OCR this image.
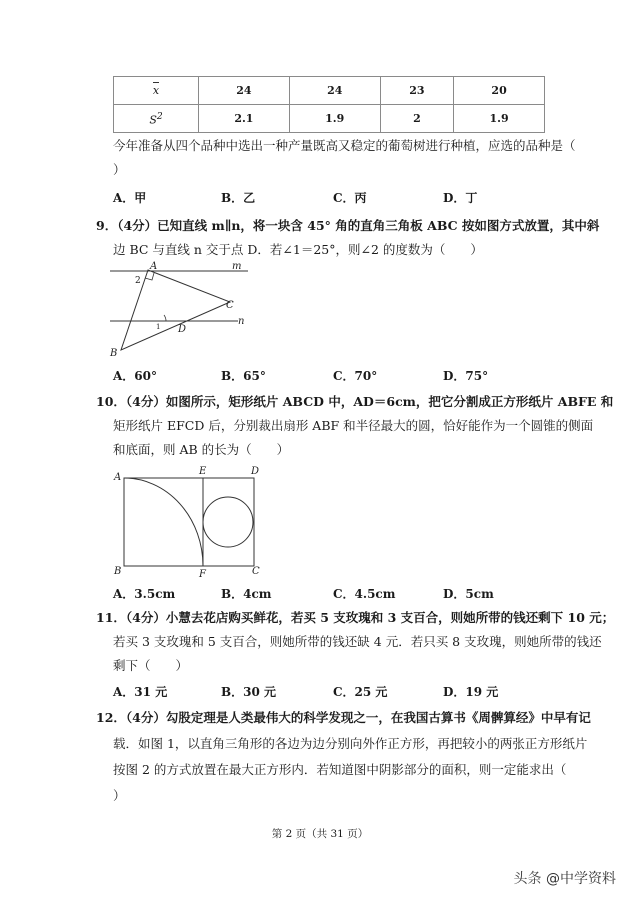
x	24	24	23	20
$S^2$	2.1	1.9	2	1.9
今年准备从四个品种中选出一种产量既高又稳定的葡萄树进行种植，应选的品种是（
）
A．甲	B．乙	C．丙	D．丁
9．（4分）已知直线 m∥n，将一块含 45° 角的直角三角板 ABC 按如图方式放置，其中斜
边 BC 与直线 n 交于点 D．若∠1＝25°，则∠2 的度数为（　　）
A
B
C
D
m
n
1
2
A．60°	B．65°	C．70°	D．75°
10．（4分）如图所示，矩形纸片 ABCD 中，AD＝6cm，把它分割成正方形纸片 ABFE 和
矩形纸片 EFCD 后，分别裁出扇形 ABF 和半径最大的圆，恰好能作为一个圆锥的侧面
和底面，则 AB 的长为（　　）
A
B	C
D
E
F
A．3.5cm	B．4cm	C．4.5cm	D．5cm
11．（4分）小慧去花店购买鲜花，若买 5 支玫瑰和 3 支百合，则她所带的钱还剩下 10 元；
若买 3 支玫瑰和 5 支百合，则她所带的钱还缺 4 元．若只买 8 支玫瑰，则她所带的钱还
剩下（　　）
A．31 元	B．30 元	C．25 元	D．19 元
12．（4分）勾股定理是人类最伟大的科学发现之一，在我国古算书《周髀算经》中早有记
载．如图 1，以直角三角形的各边为边分别向外作正方形，再把较小的两张正方形纸片
按图 2 的方式放置在最大正方形内．若知道图中阴影部分的面积，则一定能求出（
）
第 2 页（共 31 页）
头条 @中学资料
